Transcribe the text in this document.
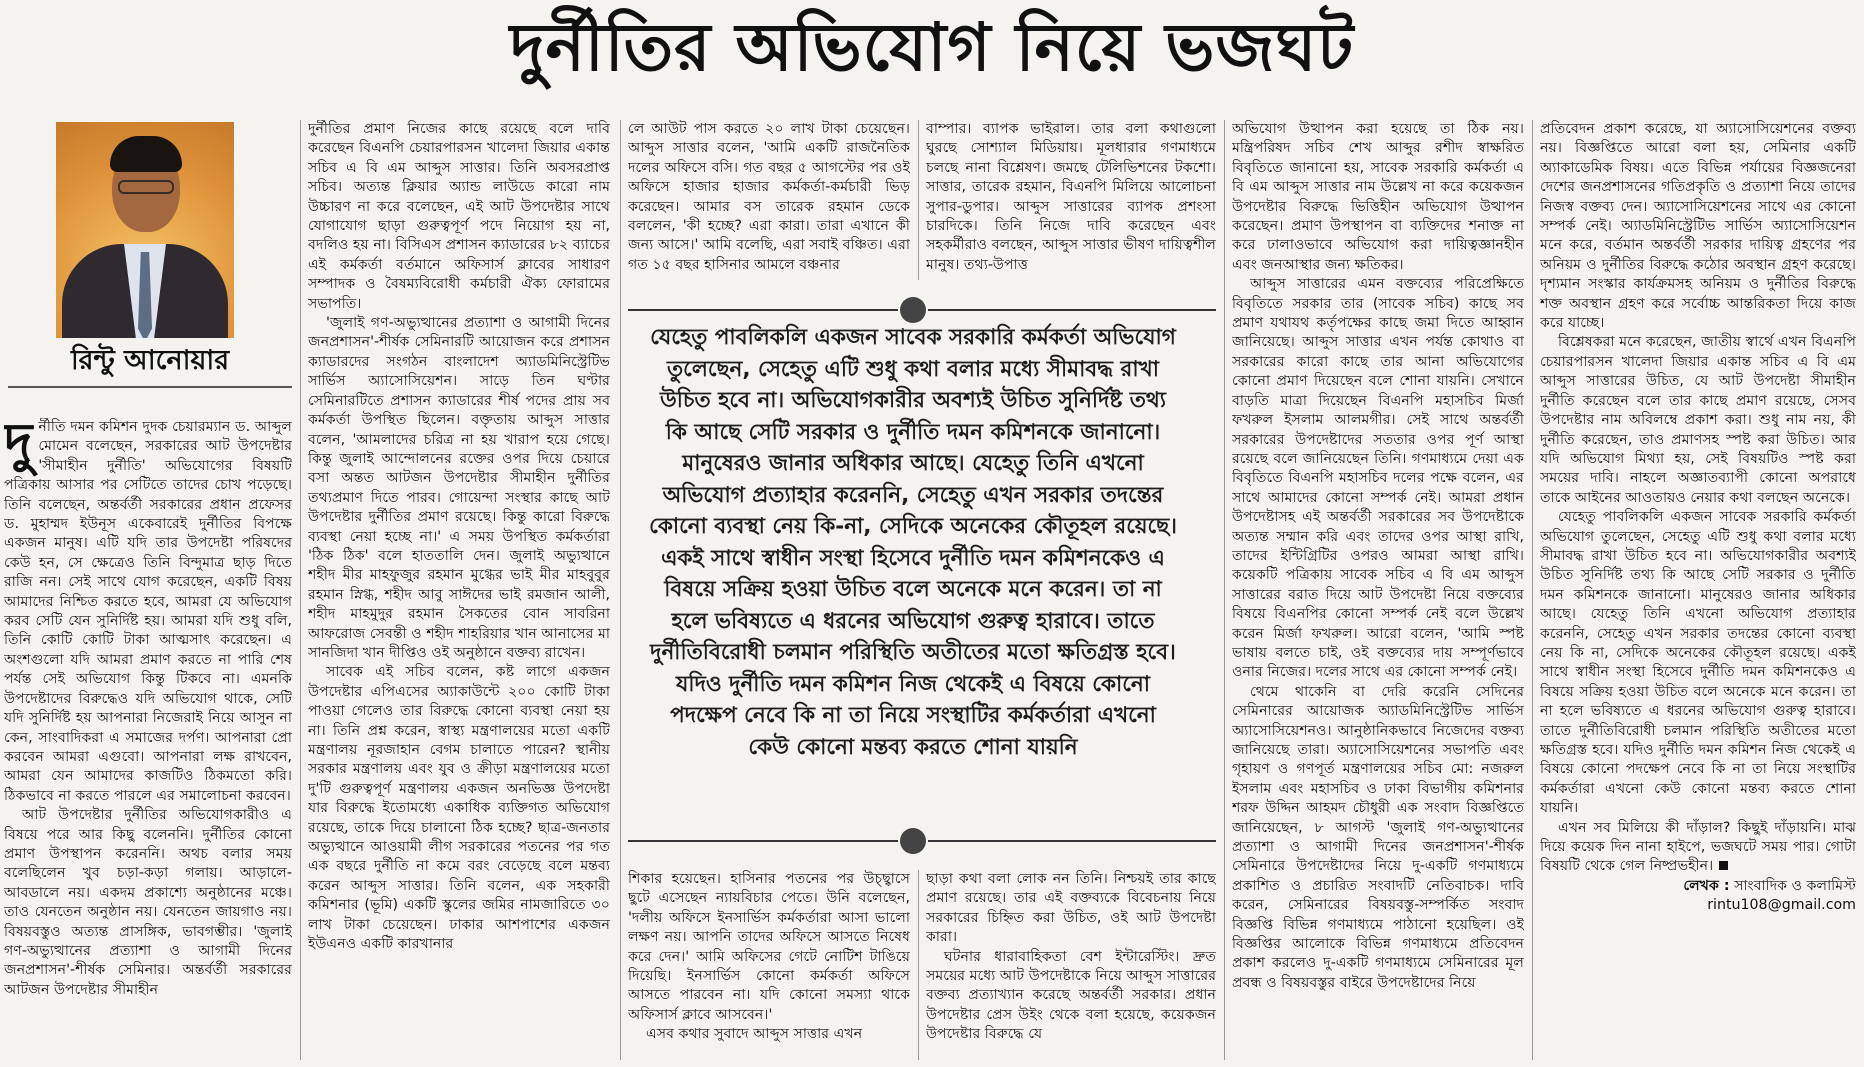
দুর্নীতির অভিযোগ নিয়ে ভজঘট
রিন্টু আনোয়ার

দুর্নীতি দমন কমিশন দুদক চেয়ারম্যান ড. আব্দুল মোমেন বলেছেন, সরকারের আট উপদেষ্টার 'সীমাহীন দুর্নীতি' অভিযোগের বিষয়টি পত্রিকায় আসার পর সেটিতে তাদের চোখ পড়েছে। তিনি বলেছেন, অন্তর্বর্তী সরকারের প্রধান প্রফেসর ড. মুহাম্মদ ইউনূস একেবারেই দুর্নীতির বিপক্ষে একজন মানুষ। এটি যদি তার উপদেষ্টা পরিষদের কেউ হন, সে ক্ষেত্রেও তিনি বিন্দুমাত্র ছাড় দিতে রাজি নন। সেই সাথে যোগ করেছেন, একটি বিষয় আমাদের নিশ্চিত করতে হবে, আমরা যে অভিযোগ করব সেটি যেন সুনির্দিষ্ট হয়। আমরা যদি শুধু বলি, তিনি কোটি কোটি টাকা আত্মসাৎ করেছেন। এ অংশগুলো যদি আমরা প্রমাণ করতে না পারি শেষ পর্যন্ত সেই অভিযোগ কিন্তু টিকবে না। এমনকি উপদেষ্টাদের বিরুদ্ধেও যদি অভিযোগ থাকে, সেটি যদি সুনির্দিষ্ট হয় আপনারা নিজেরাই নিয়ে আসুন না কেন, সাংবাদিকরা এ সমাজের দর্পণ। আপনারা প্রো করবেন আমরা এগুবো। আপনারা লক্ষ রাখবেন, আমরা যেন আমাদের কাজটিও ঠিকমতো করি। ঠিকভাবে না করতে পারলে এর সমালোচনা করবেন।

আট উপদেষ্টার দুর্নীতির অভিযোগকারীও এ বিষয়ে পরে আর কিছু বলেননি। দুর্নীতির কোনো প্রমাণ উপস্থাপন করেননি। অথচ বলার সময় বলেছিলেন খুব চড়া-কড়া গলায়। আড়ালে-আবডালে নয়। একদম প্রকাশ্যে অনুষ্ঠানের মঞ্চে। তাও যেনতেন অনুষ্ঠান নয়। যেনতেন জায়গাও নয়। বিষয়বস্তুও অত্যন্ত প্রাসঙ্গিক, ভাবগম্ভীর। 'জুলাই গণ-অভ্যুত্থানের প্রত্যাশা ও আগামী দিনের জনপ্রশাসন'-শীর্ষক সেমিনার। অন্তর্বর্তী সরকারের আটজন উপদেষ্টার সীমাহীন

দুর্নীতির প্রমাণ নিজের কাছে রয়েছে বলে দাবি করেছেন বিএনপি চেয়ারপারসন খালেদা জিয়ার একান্ত সচিব এ বি এম আব্দুস সাত্তার। তিনি অবসরপ্রাপ্ত সচিব। অত্যন্ত ক্লিয়ার অ্যান্ড লাউডে কারো নাম উচ্চারণ না করে বলেছেন, এই আট উপদেষ্টার সাথে যোগাযোগ ছাড়া গুরুত্বপূর্ণ পদে নিয়োগ হয় না, বদলিও হয় না। বিসিএস প্রশাসন ক্যাডারের ৮২ ব্যাচের এই কর্মকর্তা বর্তমানে অফিসার্স ক্লাবের সাধারণ সম্পাদক ও বৈষম্যবিরোধী কর্মচারী ঐক্য ফোরামের সভাপতি।

'জুলাই গণ-অভ্যুত্থানের প্রত্যাশা ও আগামী দিনের জনপ্রশাসন'-শীর্ষক সেমিনারটি আয়োজন করে প্রশাসন ক্যাডারদের সংগঠন বাংলাদেশ অ্যাডমিনিস্ট্রেটিভ সার্ভিস অ্যাসোসিয়েশন। সাড়ে তিন ঘণ্টার সেমিনারটিতে প্রশাসন ক্যাডারের শীর্ষ পদের প্রায় সব কর্মকর্তা উপস্থিত ছিলেন। বক্তৃতায় আব্দুস সাত্তার বলেন, 'আমলাদের চরিত্র না হয় খারাপ হয়ে গেছে। কিন্তু জুলাই আন্দোলনের রক্তের ওপর দিয়ে চেয়ারে বসা অন্তত আটজন উপদেষ্টার সীমাহীন দুর্নীতির তথ্যপ্রমাণ দিতে পারব। গোয়েন্দা সংস্থার কাছে আট উপদেষ্টার দুর্নীতির প্রমাণ রয়েছে। কিন্তু কারো বিরুদ্ধে ব্যবস্থা নেয়া হচ্ছে না।' এ সময় উপস্থিত কর্মকর্তারা 'ঠিক ঠিক' বলে হাততালি দেন। জুলাই অভ্যুত্থানে শহীদ মীর মাহফুজুর রহমান মুগ্ধের ভাই মীর মাহবুবুর রহমান স্নিগ্ধ, শহীদ আবু সাঈদের ভাই রমজান আলী, শহীদ মাহমুদুর রহমান সৈকতের বোন সাবরিনা আফরোজ সেবন্তী ও শহীদ শাহরিয়ার খান আনাসের মা সানজিদা খান দীপ্তিও ওই অনুষ্ঠানে বক্তব্য রাখেন।

সাবেক এই সচিব বলেন, কষ্ট লাগে একজন উপদেষ্টার এপিএসের অ্যাকাউন্টে ২০০ কোটি টাকা পাওয়া গেলেও তার বিরুদ্ধে কোনো ব্যবস্থা নেয়া হয় না। তিনি প্রশ্ন করেন, স্বাস্থ্য মন্ত্রণালয়ের মতো একটি মন্ত্রণালয় নূরজাহান বেগম চালাতে পারেন? স্থানীয় সরকার মন্ত্রণালয় এবং যুব ও ক্রীড়া মন্ত্রণালয়ের মতো দু'টি গুরুত্বপূর্ণ মন্ত্রণালয় একজন অনভিজ্ঞ উপদেষ্টা যার বিরুদ্ধে ইতোমধ্যে একাধিক ব্যক্তিগত অভিযোগ রয়েছে, তাকে দিয়ে চালানো ঠিক হচ্ছে? ছাত্র-জনতার অভ্যুত্থানে আওয়ামী লীগ সরকারের পতনের পর গত এক বছরে দুর্নীতি না কমে বরং বেড়েছে বলে মন্তব্য করেন আব্দুস সাত্তার। তিনি বলেন, এক সহকারী কমিশনার (ভূমি) একটি স্কুলের জমির নামজারিতে ৩০ লাখ টাকা চেয়েছেন। ঢাকার আশপাশের একজন ইউএনও একটি কারখানার

লে আউট পাস করতে ২০ লাখ টাকা চেয়েছেন। আব্দুস সাত্তার বলেন, 'আমি একটি রাজনৈতিক দলের অফিসে বসি। গত বছর ৫ আগস্টের পর ওই অফিসে হাজার হাজার কর্মকর্তা-কর্মচারী ভিড় করেছেন। আমার বস তারেক রহমান ডেকে বললেন, 'কী হচ্ছে? এরা কারা। তারা এখানে কী জন্য আসে।' আমি বলেছি, এরা সবাই বঞ্চিত। এরা গত ১৫ বছর হাসিনার আমলে বঞ্চনার

বাম্পার। ব্যাপক ভাইরাল। তার বলা কথাগুলো ঘুরছে সোশ্যাল মিডিয়ায়। মূলধারার গণমাধ্যমে চলছে নানা বিশ্লেষণ। জমছে টেলিভিশনের টকশো। সাত্তার, তারেক রহমান, বিএনপি মিলিয়ে আলোচনা সুপার-ডুপার। আব্দুস সাত্তারের ব্যাপক প্রশংসা চারদিকে। তিনি নিজে দাবি করেছেন এবং সহকর্মীরাও বলছেন, আব্দুস সাত্তার ভীষণ দায়িত্বশীল মানুষ। তথ্য-উপাত্ত

যেহেতু পাবলিকলি একজন সাবেক সরকারি কর্মকর্তা অভিযোগ তুলেছেন, সেহেতু এটি শুধু কথা বলার মধ্যে সীমাবদ্ধ রাখা উচিত হবে না। অভিযোগকারীর অবশ্যই উচিত সুনির্দিষ্ট তথ্য কি আছে সেটি সরকার ও দুর্নীতি দমন কমিশনকে জানানো। মানুষেরও জানার অধিকার আছে। যেহেতু তিনি এখনো অভিযোগ প্রত্যাহার করেননি, সেহেতু এখন সরকার তদন্তের কোনো ব্যবস্থা নেয় কি-না, সেদিকে অনেকের কৌতূহল রয়েছে। একই সাথে স্বাধীন সংস্থা হিসেবে দুর্নীতি দমন কমিশনকেও এ বিষয়ে সক্রিয় হওয়া উচিত বলে অনেকে মনে করেন। তা না হলে ভবিষ্যতে এ ধরনের অভিযোগ গুরুত্ব হারাবে। তাতে দুর্নীতিবিরোধী চলমান পরিস্থিতি অতীতের মতো ক্ষতিগ্রস্ত হবে। যদিও দুর্নীতি দমন কমিশন নিজ থেকেই এ বিষয়ে কোনো পদক্ষেপ নেবে কি না তা নিয়ে সংস্থাটির কর্মকর্তারা এখনো কেউ কোনো মন্তব্য করতে শোনা যায়নি

শিকার হয়েছেন। হাসিনার পতনের পর উচ্ছ্বাসে ছুটে এসেছেন ন্যায়বিচার পেতে। উনি বলেছেন, 'দলীয় অফিসে ইনসার্ভিস কর্মকর্তারা আসা ভালো লক্ষণ নয়। আপনি তাদের অফিসে আসতে নিষেধ করে দেন।' আমি অফিসের গেটে নোটিশ টাঙিয়ে দিয়েছি। ইনসার্ভিস কোনো কর্মকর্তা অফিসে আসতে পারবেন না। যদি কোনো সমস্যা থাকে অফিসার্স ক্লাবে আসবেন।'

এসব কথার সুবাদে আব্দুস সাত্তার এখন

ছাড়া কথা বলা লোক নন তিনি। নিশ্চয়ই তার কাছে প্রমাণ রয়েছে। তার এই বক্তব্যকে বিবেচনায় নিয়ে সরকারের চিহ্নিত করা উচিত, ওই আট উপদেষ্টা কারা।

ঘটনার ধারাবাহিকতা বেশ ইন্টারেস্টিং। দ্রুত সময়ের মধ্যে আট উপদেষ্টাকে নিয়ে আব্দুস সাত্তারের বক্তব্য প্রত্যাখ্যান করেছে অন্তর্বর্তী সরকার। প্রধান উপদেষ্টার প্রেস উইং থেকে বলা হয়েছে, কয়েকজন উপদেষ্টার বিরুদ্ধে যে

অভিযোগ উত্থাপন করা হয়েছে তা ঠিক নয়। মন্ত্রিপরিষদ সচিব শেখ আব্দুর রশীদ স্বাক্ষরিত বিবৃতিতে জানানো হয়, সাবেক সরকারি কর্মকর্তা এ বি এম আব্দুস সাত্তার নাম উল্লেখ না করে কয়েকজন উপদেষ্টার বিরুদ্ধে ভিত্তিহীন অভিযোগ উত্থাপন করেছেন। প্রমাণ উপস্থাপন বা ব্যক্তিদের শনাক্ত না করে ঢালাওভাবে অভিযোগ করা দায়িত্বজ্ঞানহীন এবং জনআস্থার জন্য ক্ষতিকর।

আব্দুস সাত্তারের এমন বক্তব্যের পরিপ্রেক্ষিতে বিবৃতিতে সরকার তার (সাবেক সচিব) কাছে সব প্রমাণ যথাযথ কর্তৃপক্ষের কাছে জমা দিতে আহ্বান জানিয়েছে। আব্দুস সাত্তার এখন পর্যন্ত কোথাও বা সরকারের কারো কাছে তার আনা অভিযোগের কোনো প্রমাণ দিয়েছেন বলে শোনা যায়নি। সেখানে বাড়তি মাত্রা দিয়েছেন বিএনপি মহাসচিব মির্জা ফখরুল ইসলাম আলমগীর। সেই সাথে অন্তর্বর্তী সরকারের উপদেষ্টাদের সততার ওপর পূর্ণ আস্থা রয়েছে বলে জানিয়েছেন তিনি। গণমাধ্যমে দেয়া এক বিবৃতিতে বিএনপি মহাসচিব দলের পক্ষে বলেন, এর সাথে আমাদের কোনো সম্পর্ক নেই। আমরা প্রধান উপদেষ্টাসহ এই অন্তর্বর্তী সরকারের সব উপদেষ্টাকে অত্যন্ত সম্মান করি এবং তাদের ওপর আস্থা রাখি, তাদের ইন্টিগ্রিটির ওপরও আমরা আস্থা রাখি। কয়েকটি পত্রিকায় সাবেক সচিব এ বি এম আব্দুস সাত্তারের বরাত দিয়ে আট উপদেষ্টা নিয়ে বক্তব্যের বিষয়ে বিএনপির কোনো সম্পর্ক নেই বলে উল্লেখ করেন মির্জা ফখরুল। আরো বলেন, 'আমি স্পষ্ট ভাষায় বলতে চাই, ওই বক্তব্যের দায় সম্পূর্ণভাবে ওনার নিজের। দলের সাথে এর কোনো সম্পর্ক নেই।

থেমে থাকেনি বা দেরি করেনি সেদিনের সেমিনারের আয়োজক অ্যাডমিনিস্ট্রেটিভ সার্ভিস অ্যাসোসিয়েশনও। আনুষ্ঠানিকভাবে নিজেদের বক্তব্য জানিয়েছে তারা। অ্যাসোসিয়েশনের সভাপতি এবং গৃহায়ণ ও গণপূর্ত মন্ত্রণালয়ের সচিব মো: নজরুল ইসলাম এবং মহাসচিব ও ঢাকা বিভাগীয় কমিশনার শরফ উদ্দিন আহমদ চৌধুরী এক সংবাদ বিজ্ঞপ্তিতে জানিয়েছেন, ৮ আগস্ট 'জুলাই গণ-অভ্যুত্থানের প্রত্যাশা ও আগামী দিনের জনপ্রশাসন'-শীর্ষক সেমিনারে উপদেষ্টাদের নিয়ে দু-একটি গণমাধ্যমে প্রকাশিত ও প্রচারিত সংবাদটি নেতিবাচক। দাবি করেন, সেমিনারের বিষয়বস্তু-সম্পর্কিত সংবাদ বিজ্ঞপ্তি বিভিন্ন গণমাধ্যমে পাঠানো হয়েছিল। ওই বিজ্ঞপ্তির আলোকে বিভিন্ন গণমাধ্যমে প্রতিবেদন প্রকাশ করলেও দু-একটি গণমাধ্যমে সেমিনারের মূল প্রবন্ধ ও বিষয়বস্তুর বাইরে উপদেষ্টাদের নিয়ে

প্রতিবেদন প্রকাশ করেছে, যা অ্যাসোসিয়েশনের বক্তব্য নয়। বিজ্ঞপ্তিতে আরো বলা হয়, সেমিনার একটি অ্যাকাডেমিক বিষয়। এতে বিভিন্ন পর্যায়ের বিজ্ঞজনেরা দেশের জনপ্রশাসনের গতিপ্রকৃতি ও প্রত্যাশা নিয়ে তাদের নিজস্ব বক্তব্য দেন। অ্যাসোসিয়েশনের সাথে এর কোনো সম্পর্ক নেই। অ্যাডমিনিস্ট্রেটিভ সার্ভিস অ্যাসোসিয়েশন মনে করে, বর্তমান অন্তর্বর্তী সরকার দায়িত্ব গ্রহণের পর অনিয়ম ও দুর্নীতির বিরুদ্ধে কঠোর অবস্থান গ্রহণ করেছে। দৃশ্যমান সংস্কার কার্যক্রমসহ অনিয়ম ও দুর্নীতির বিরুদ্ধে শক্ত অবস্থান গ্রহণ করে সর্বোচ্চ আন্তরিকতা দিয়ে কাজ করে যাচ্ছে।

বিশ্লেষকরা মনে করেছেন, জাতীয় স্বার্থে এখন বিএনপি চেয়ারপারসন খালেদা জিয়ার একান্ত সচিব এ বি এম আব্দুস সাত্তারের উচিত, যে আট উপদেষ্টা সীমাহীন দুর্নীতি করেছেন বলে তার কাছে প্রমাণ রয়েছে, সেসব উপদেষ্টার নাম অবিলম্বে প্রকাশ করা। শুধু নাম নয়, কী দুর্নীতি করেছেন, তাও প্রমাণসহ স্পষ্ট করা উচিত। আর যদি অভিযোগ মিথ্যা হয়, সেই বিষয়টিও স্পষ্ট করা সময়ের দাবি। নাহলে অজ্ঞাতব্যাপী কোনো অপরাধে তাকে আইনের আওতায়ও নেয়ার কথা বলছেন অনেকে।

যেহেতু পাবলিকলি একজন সাবেক সরকারি কর্মকর্তা অভিযোগ তুলেছেন, সেহেতু এটি শুধু কথা বলার মধ্যে সীমাবদ্ধ রাখা উচিত হবে না। অভিযোগকারীর অবশ্যই উচিত সুনির্দিষ্ট তথ্য কি আছে সেটি সরকার ও দুর্নীতি দমন কমিশনকে জানানো। মানুষেরও জানার অধিকার আছে। যেহেতু তিনি এখনো অভিযোগ প্রত্যাহার করেননি, সেহেতু এখন সরকার তদন্তের কোনো ব্যবস্থা নেয় কি না, সেদিকে অনেকের কৌতূহল রয়েছে। একই সাথে স্বাধীন সংস্থা হিসেবে দুর্নীতি দমন কমিশনকেও এ বিষয়ে সক্রিয় হওয়া উচিত বলে অনেকে মনে করেন। তা না হলে ভবিষ্যতে এ ধরনের অভিযোগ গুরুত্ব হারাবে। তাতে দুর্নীতিবিরোধী চলমান পরিস্থিতি অতীতের মতো ক্ষতিগ্রস্ত হবে। যদিও দুর্নীতি দমন কমিশন নিজ থেকেই এ বিষয়ে কোনো পদক্ষেপ নেবে কি না তা নিয়ে সংস্থাটির কর্মকর্তারা এখনো কেউ কোনো মন্তব্য করতে শোনা যায়নি।

এখন সব মিলিয়ে কী দাঁড়াল? কিছুই দাঁড়ায়নি। মাঝ দিয়ে কয়েক দিন নানা হাইপে, ভজঘটে সময় পার। গোটা বিষয়টি থেকে গেল নিষ্প্রভহীন।

লেখক : সাংবাদিক ও কলামিস্ট
rintu108@gmail.com
